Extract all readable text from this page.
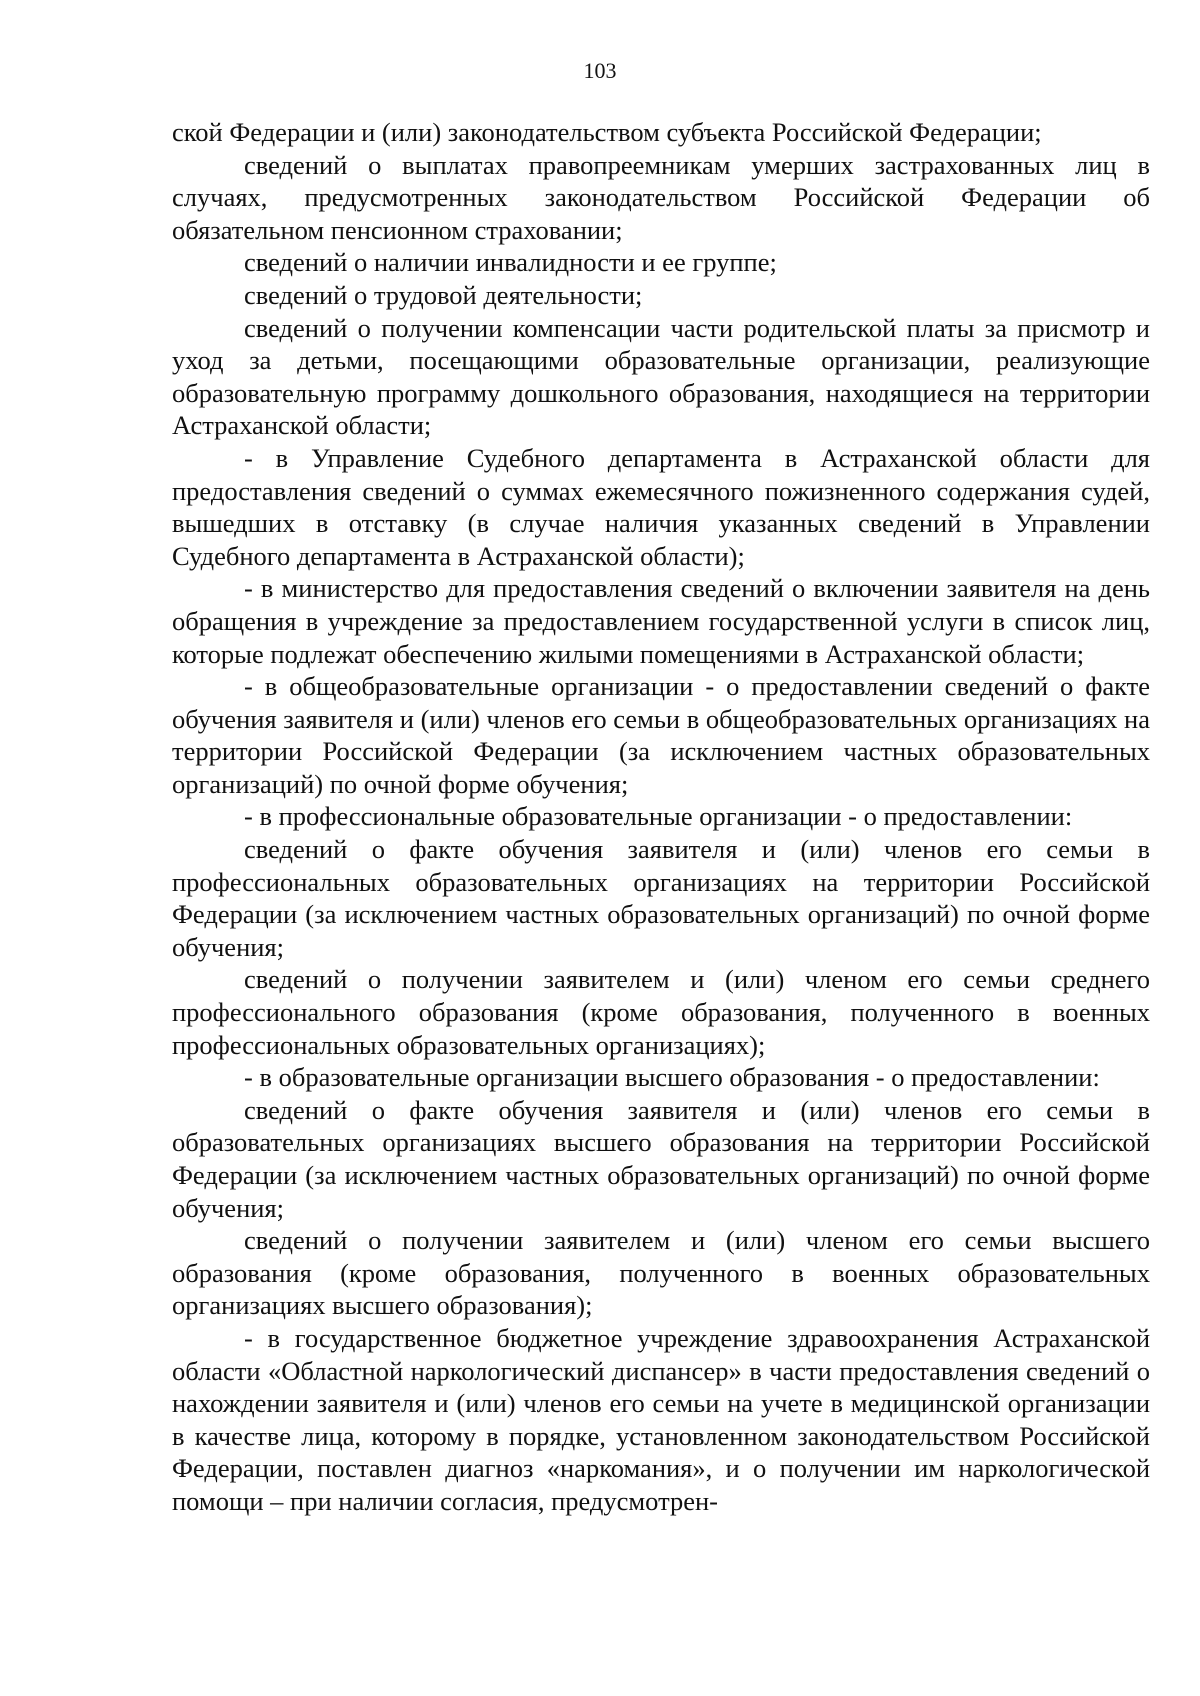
103

ской Федерации и (или) законодательством субъекта Российской Федерации;

сведений о выплатах правопреемникам умерших застрахованных лиц в случаях, предусмотренных законодательством Российской Федерации об обязательном пенсионном страховании;

сведений о наличии инвалидности и ее группе;

сведений о трудовой деятельности;

сведений о получении компенсации части родительской платы за присмотр и уход за детьми, посещающими образовательные организации, реализующие образовательную программу дошкольного образования, находящиеся на территории Астраханской области;

- в Управление Судебного департамента в Астраханской области для предоставления сведений о суммах ежемесячного пожизненного содержания судей, вышедших в отставку (в случае наличия указанных сведений в Управлении Судебного департамента в Астраханской области);

- в министерство для предоставления сведений о включении заявителя на день обращения в учреждение за предоставлением государственной услуги в список лиц, которые подлежат обеспечению жилыми помещениями в Астраханской области;

- в общеобразовательные организации - о предоставлении сведений о факте обучения заявителя и (или) членов его семьи в общеобразовательных организациях на территории Российской Федерации (за исключением частных образовательных организаций) по очной форме обучения;

- в профессиональные образовательные организации - о предоставлении:

сведений о факте обучения заявителя и (или) членов его семьи в профессиональных образовательных организациях на территории Российской Федерации (за исключением частных образовательных организаций) по очной форме обучения;

сведений о получении заявителем и (или) членом его семьи среднего профессионального образования (кроме образования, полученного в военных профессиональных образовательных организациях);

- в образовательные организации высшего образования - о предоставлении:

сведений о факте обучения заявителя и (или) членов его семьи в образовательных организациях высшего образования на территории Российской Федерации (за исключением частных образовательных организаций) по очной форме обучения;

сведений о получении заявителем и (или) членом его семьи высшего образования (кроме образования, полученного в военных образовательных организациях высшего образования);

- в государственное бюджетное учреждение здравоохранения Астраханской области «Областной наркологический диспансер» в части предоставления сведений о нахождении заявителя и (или) членов его семьи на учете в медицинской организации в качестве лица, которому в порядке, установленном законодательством Российской Федерации, поставлен диагноз «наркомания», и о получении им наркологической помощи – при наличии согласия, предусмотрен-
